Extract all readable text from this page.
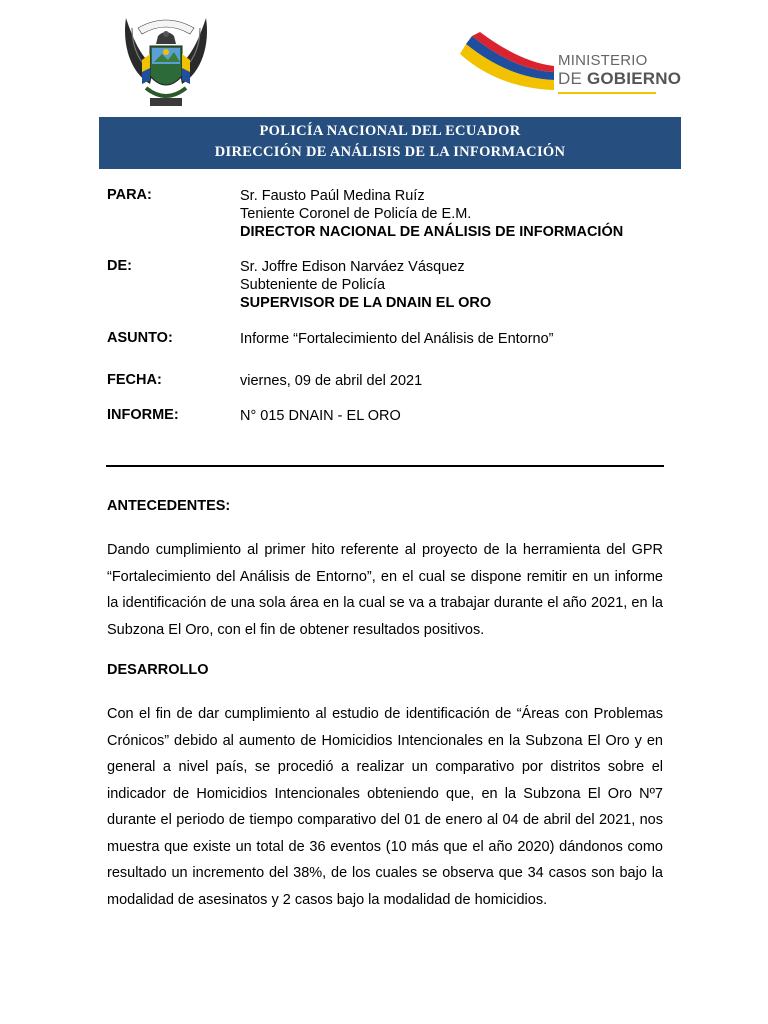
MINISTERIO
DE GOBIERNO
POLICÍA NACIONAL DEL ECUADOR
DIRECCIÓN DE ANÁLISIS DE LA INFORMACIÓN
PARA:	Sr. Fausto Paúl Medina Ruíz
Teniente Coronel de Policía de E.M.
DIRECTOR NACIONAL DE ANÁLISIS DE INFORMACIÓN
DE:	Sr. Joffre Edison Narváez Vásquez
Subteniente de Policía
SUPERVISOR DE LA DNAIN EL ORO
ASUNTO:	Informe “Fortalecimiento del Análisis de Entorno”
FECHA:	viernes, 09 de abril del 2021
INFORME:	N° 015 DNAIN - EL ORO
ANTECEDENTES:

Dando cumplimiento al primer hito referente al proyecto de la herramienta del GPR “Fortalecimiento del Análisis de Entorno”, en el cual se dispone remitir en un informe la identificación de una sola área en la cual se va a trabajar durante el año 2021, en la Subzona El Oro, con el fin de obtener resultados positivos.

DESARROLLO

Con el fin de dar cumplimiento al estudio de identificación de “Áreas con Problemas Crónicos” debido al aumento de Homicidios Intencionales en la Subzona El Oro y en general a nivel país, se procedió a realizar un comparativo por distritos sobre el indicador de Homicidios Intencionales obteniendo que, en la Subzona El Oro Nº7 durante el periodo de tiempo comparativo del 01 de enero al 04 de abril del 2021, nos muestra que existe un total de 36 eventos (10 más que el año 2020) dándonos como resultado un incremento del 38%, de los cuales se observa que 34 casos son bajo la modalidad de asesinatos y 2 casos bajo la modalidad de homicidios.
